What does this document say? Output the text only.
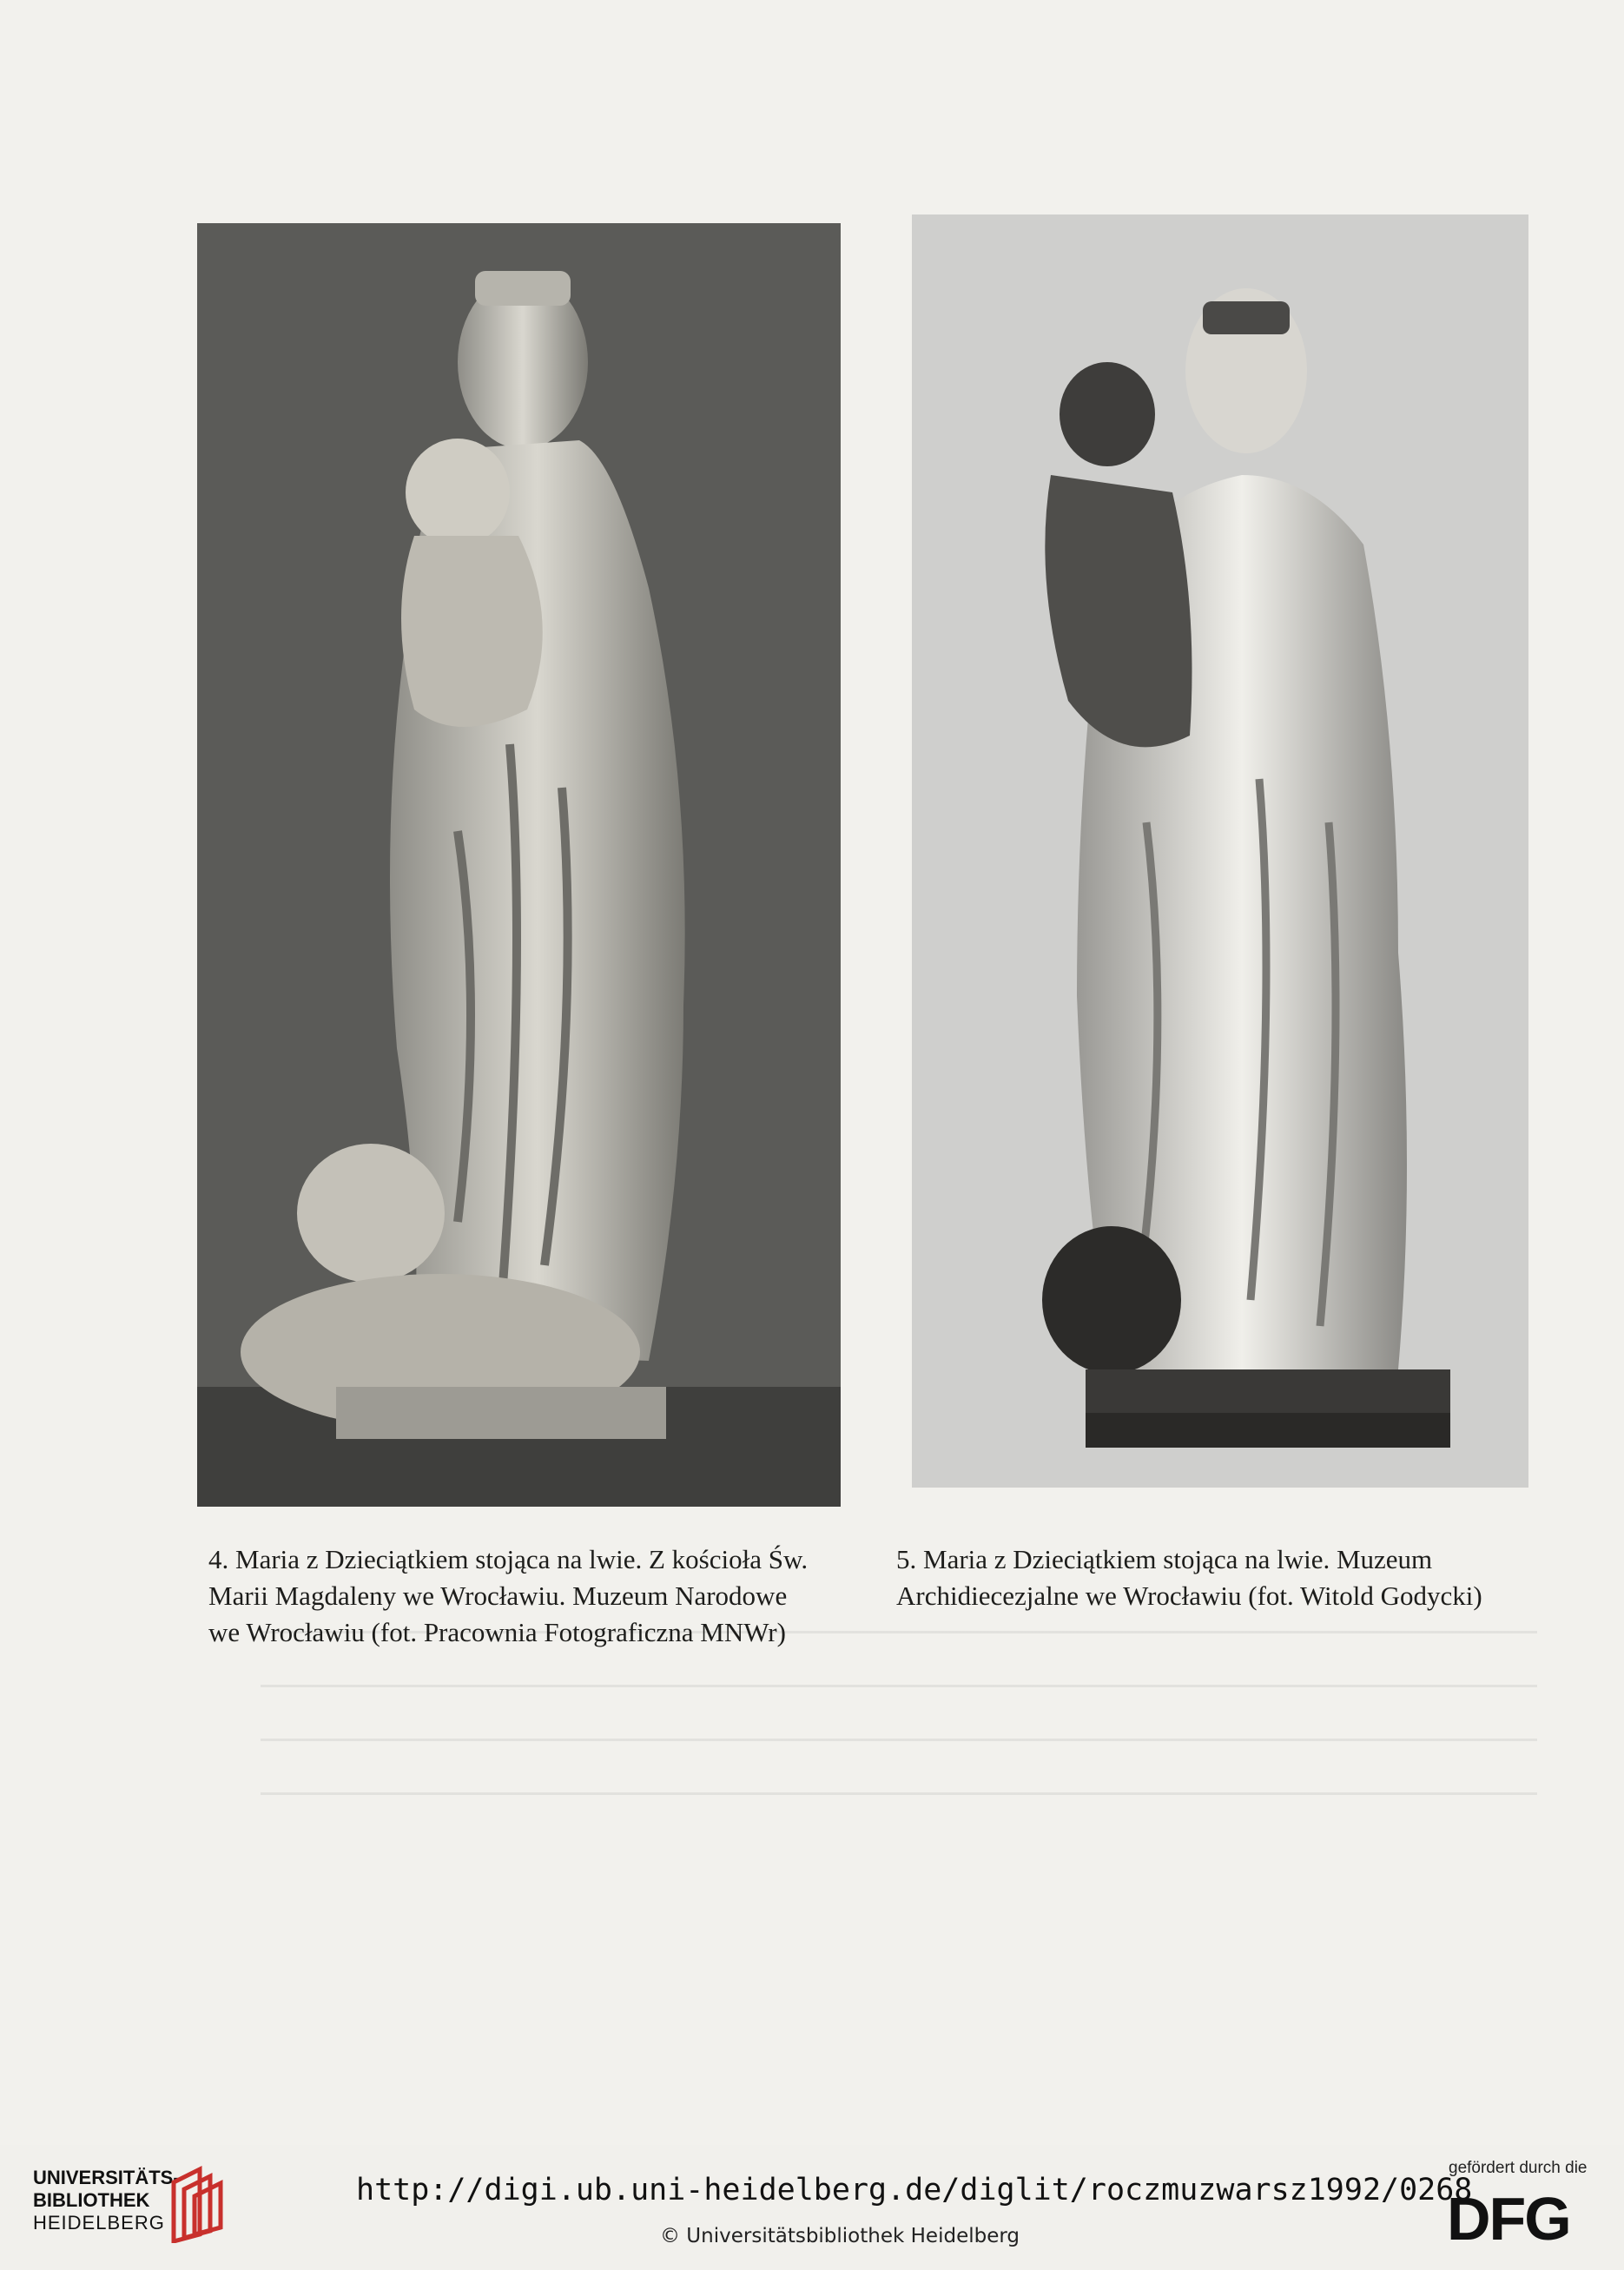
4. Maria z Dzieciątkiem stojąca na lwie. Z kościoła Św.
Marii Magdaleny we Wrocławiu. Muzeum Narodowe
we Wrocławiu (fot. Pracownia Fotograficzna MNWr)
5. Maria z Dzieciątkiem stojąca na lwie. Muzeum
Archidiecezjalne we Wrocławiu (fot. Witold Godycki)
UNIVERSITÄTS-
BIBLIOTHEK
HEIDELBERG
http://digi.ub.uni-heidelberg.de/diglit/roczmuzwarsz1992/0268
© Universitätsbibliothek Heidelberg
gefördert durch die
DFG
